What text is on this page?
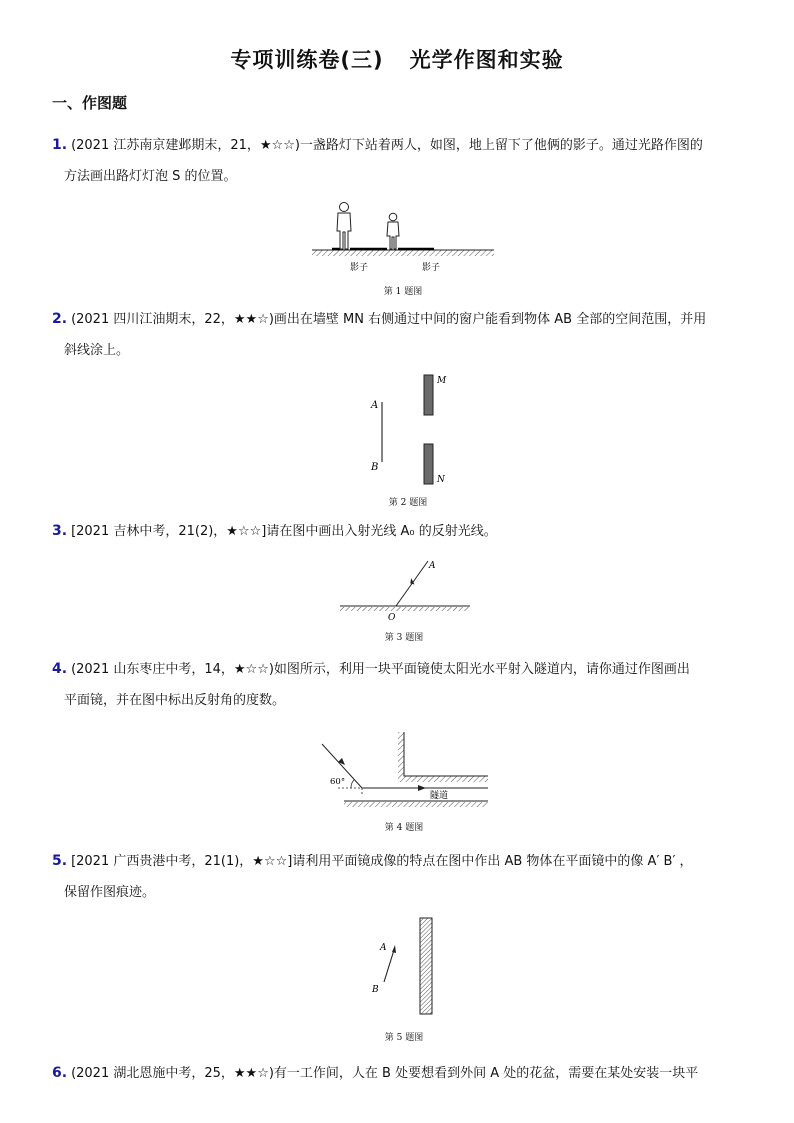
专项训练卷(三) 光学作图和实验
一、作图题
1. (2021 江苏南京建邺期末，21，★☆☆)一盏路灯下站着两人，如图，地上留下了他俩的影子。通过光路作图的
方法画出路灯灯泡 S 的位置。
影子	影子
第 1 题图
2. (2021 四川江油期末，22，★★☆)画出在墙壁 MN 右侧通过中间的窗户能看到物体 AB 全部的空间范围，并用
斜线涂上。
A
B
M
N
第 2 题图
3. [2021 吉林中考，21(2)，★☆☆]请在图中画出入射光线 A₀ 的反射光线。
A
O
第 3 题图
4. (2021 山东枣庄中考，14，★☆☆)如图所示，利用一块平面镜使太阳光水平射入隧道内，请你通过作图画出
平面镜，并在图中标出反射角的度数。
60°
隧道
第 4 题图
5. [2021 广西贵港中考，21(1)，★☆☆]请利用平面镜成像的特点在图中作出 AB 物体在平面镜中的像 A′ B′ ，
保留作图痕迹。
A
B
第 5 题图
6. (2021 湖北恩施中考，25，★★☆)有一工作间，人在 B 处要想看到外间 A 处的花盆，需要在某处安装一块平
